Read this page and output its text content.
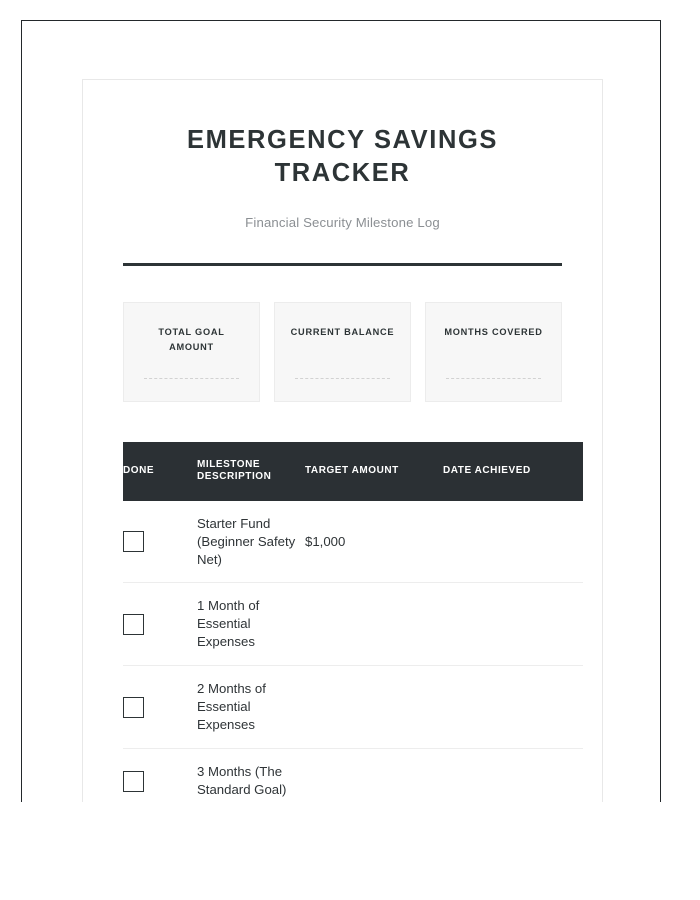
EMERGENCY SAVINGS TRACKER
Financial Security Milestone Log
TOTAL GOAL AMOUNT
CURRENT BALANCE	MONTHS COVERED
DONE	MILESTONE DESCRIPTION	TARGET AMOUNT	DATE ACHIEVED

	Starter Fund (Beginner Safety Net)	$1,000	

	1 Month of Essential Expenses		

	2 Months of Essential Expenses		

	3 Months (The Standard Goal)		
